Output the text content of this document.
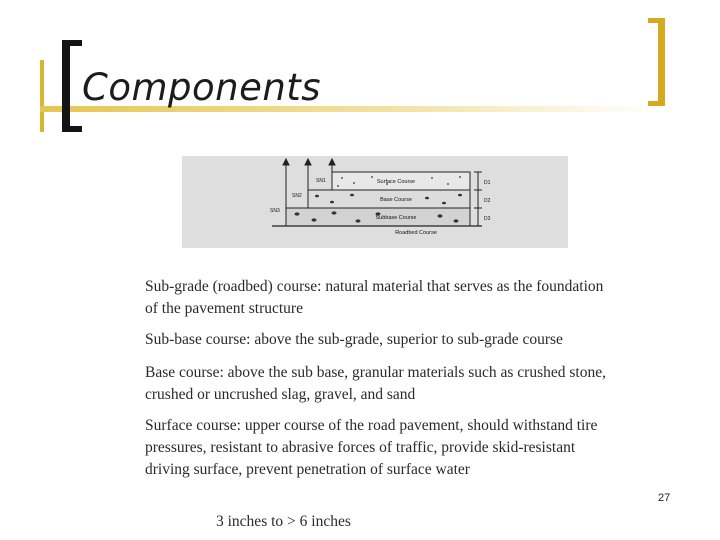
Components
Surface Course
Base Course
Subbase Course
Roadbed Course
SN1
SN2
SN3
D1
D2
D3
Sub-grade (roadbed) course: natural material that serves as the foundation of the pavement structure
Sub-base course: above the sub-grade, superior to sub-grade course
Base course: above the sub base, granular materials such as crushed stone, crushed or uncrushed slag, gravel, and sand
Surface course: upper course of the road pavement, should withstand tire pressures, resistant to abrasive forces of traffic, provide skid-resistant driving surface, prevent penetration of surface water
3 inches to > 6 inches
27
